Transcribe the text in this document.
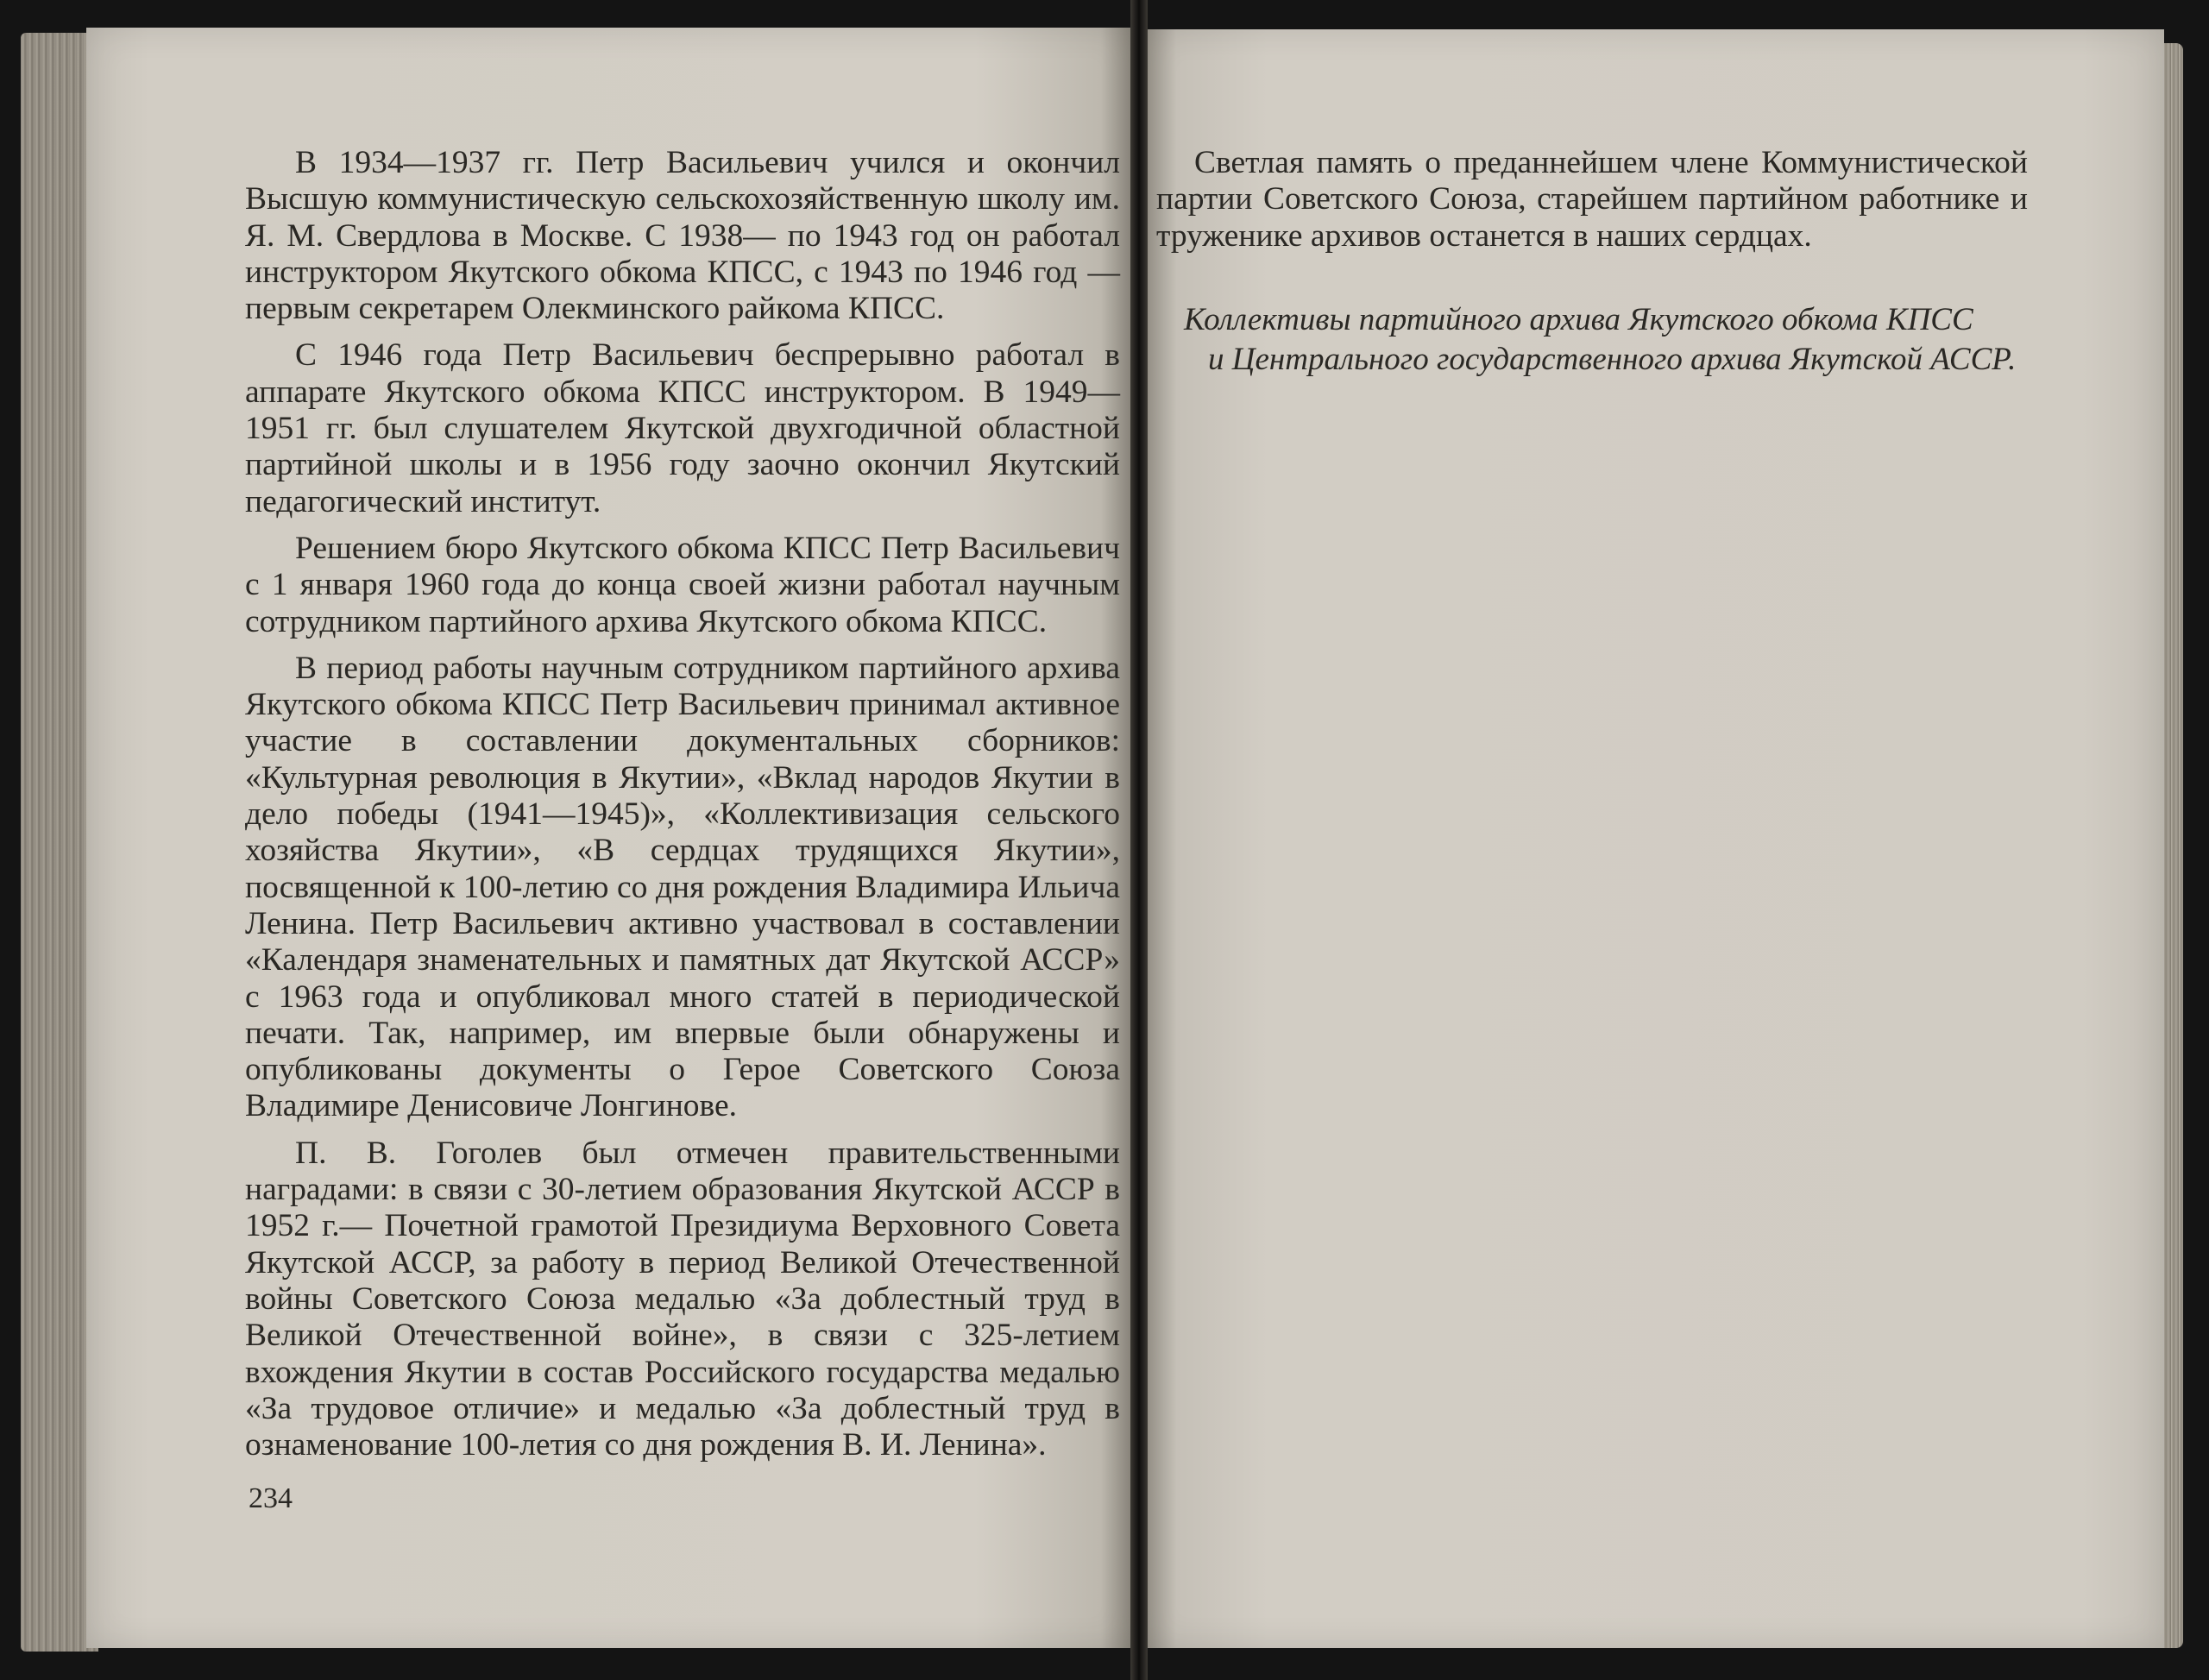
В 1934—1937 гг. Петр Васильевич учился и окончил Высшую коммунистическую сельскохозяйственную школу им. Я. М. Свердлова в Москве. С 1938— по 1943 год он работал инструктором Якутского обкома КПСС, с 1943 по 1946 год — первым секретарем Олекминского райкома КПСС.

С 1946 года Петр Васильевич беспрерывно работал в аппарате Якутского обкома КПСС инструктором. В 1949—1951 гг. был слушателем Якутской двухгодичной областной партийной школы и в 1956 году заочно окончил Якутский педагогический институт.

Решением бюро Якутского обкома КПСС Петр Васильевич с 1 января 1960 года до конца своей жизни работал научным сотрудником партийного архива Якутского обкома КПСС.

В период работы научным сотрудником партийного архива Якутского обкома КПСС Петр Васильевич принимал активное участие в составлении документальных сборников: «Культурная революция в Якутии», «Вклад народов Якутии в дело победы (1941—1945)», «Коллективизация сельского хозяйства Якутии», «В сердцах трудящихся Якутии», посвященной к 100-летию со дня рождения Владимира Ильича Ленина. Петр Васильевич активно участвовал в составлении «Календаря знаменательных и памятных дат Якутской АССР» с 1963 года и опубликовал много статей в периодической печати. Так, например, им впервые были обнаружены и опубликованы документы о Герое Советского Союза Владимире Денисовиче Лонгинове.

П. В. Гоголев был отмечен правительственными наградами: в связи с 30-летием образования Якутской АССР в 1952 г.— Почетной грамотой Президиума Верховного Совета Якутской АССР, за работу в период Великой Отечественной войны Советского Союза медалью «За доблестный труд в Великой Отечественной войне», в связи с 325-летием вхождения Якутии в состав Российского государства медалью «За трудовое отличие» и медалью «За доблестный труд в ознаменование 100-летия со дня рождения В. И. Ленина».

234
Светлая память о преданнейшем члене Коммунистической партии Советского Союза, старейшем партийном работнике и труженике архивов останется в наших сердцах.
Коллективы партийного архива Якутского обкома КПСС
и Центрального государственного архива Якутской АССР.
